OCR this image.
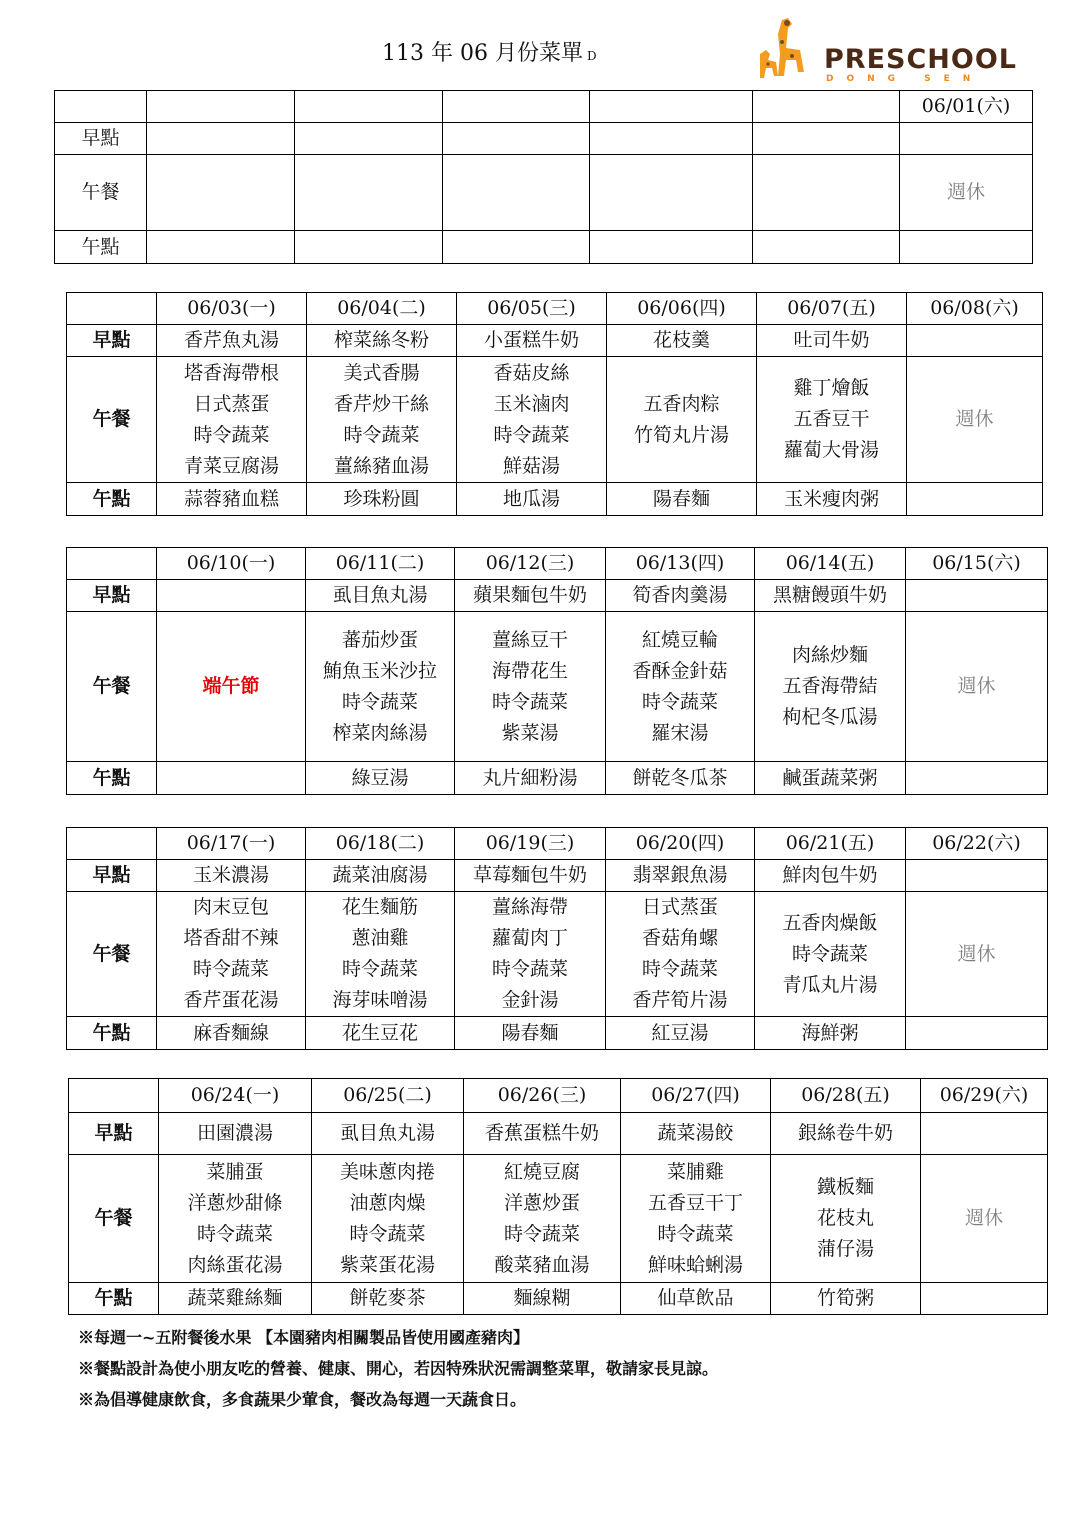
113 年 06 月份菜單 D	PRESCHOOL
DONG SEN
						06/01(六)
早點						
午餐						週休
午點						
	06/03(一)	06/04(二)	06/05(三)	06/06(四)	06/07(五)	06/08(六)
早點	香芹魚丸湯	榨菜絲冬粉	小蛋糕牛奶	花枝羹	吐司牛奶	
午餐	塔香海帶根
日式蒸蛋
時令蔬菜
青菜豆腐湯	美式香腸
香芹炒干絲
時令蔬菜
薑絲豬血湯	香菇皮絲
玉米滷肉
時令蔬菜
鮮菇湯	五香肉粽
竹筍丸片湯	雞丁燴飯
五香豆干
蘿蔔大骨湯	週休
午點	蒜蓉豬血糕	珍珠粉圓	地瓜湯	陽春麵	玉米瘦肉粥	
	06/10(一)	06/11(二)	06/12(三)	06/13(四)	06/14(五)	06/15(六)
早點		虱目魚丸湯	蘋果麵包牛奶	筍香肉羹湯	黑糖饅頭牛奶	
午餐	端午節	蕃茄炒蛋
鮪魚玉米沙拉
時令蔬菜
榨菜肉絲湯	薑絲豆干
海帶花生
時令蔬菜
紫菜湯	紅燒豆輪
香酥金針菇
時令蔬菜
羅宋湯	肉絲炒麵
五香海帶結
枸杞冬瓜湯	週休
午點		綠豆湯	丸片細粉湯	餅乾冬瓜茶	鹹蛋蔬菜粥	
	06/17(一)	06/18(二)	06/19(三)	06/20(四)	06/21(五)	06/22(六)
早點	玉米濃湯	蔬菜油腐湯	草莓麵包牛奶	翡翠銀魚湯	鮮肉包牛奶	
午餐	肉末豆包
塔香甜不辣
時令蔬菜
香芹蛋花湯	花生麵筋
蔥油雞
時令蔬菜
海芽味噌湯	薑絲海帶
蘿蔔肉丁
時令蔬菜
金針湯	日式蒸蛋
香菇角螺
時令蔬菜
香芹筍片湯	五香肉燥飯
時令蔬菜
青瓜丸片湯	週休
午點	麻香麵線	花生豆花	陽春麵	紅豆湯	海鮮粥	
	06/24(一)	06/25(二)	06/26(三)	06/27(四)	06/28(五)	06/29(六)
早點	田園濃湯	虱目魚丸湯	香蕉蛋糕牛奶	蔬菜湯餃	銀絲卷牛奶	
午餐	菜脯蛋
洋蔥炒甜條
時令蔬菜
肉絲蛋花湯	美味蔥肉捲
油蔥肉燥
時令蔬菜
紫菜蛋花湯	紅燒豆腐
洋蔥炒蛋
時令蔬菜
酸菜豬血湯	菜脯雞
五香豆干丁
時令蔬菜
鮮味蛤蜊湯	鐵板麵
花枝丸
蒲仔湯	週休
午點	蔬菜雞絲麵	餅乾麥茶	麵線糊	仙草飲品	竹筍粥	
※每週一~五附餐後水果 【本園豬肉相關製品皆使用國產豬肉】
※餐點設計為使小朋友吃的營養、健康、開心，若因特殊狀況需調整菜單，敬請家長見諒。
※為倡導健康飲食，多食蔬果少葷食，餐改為每週一天蔬食日。
